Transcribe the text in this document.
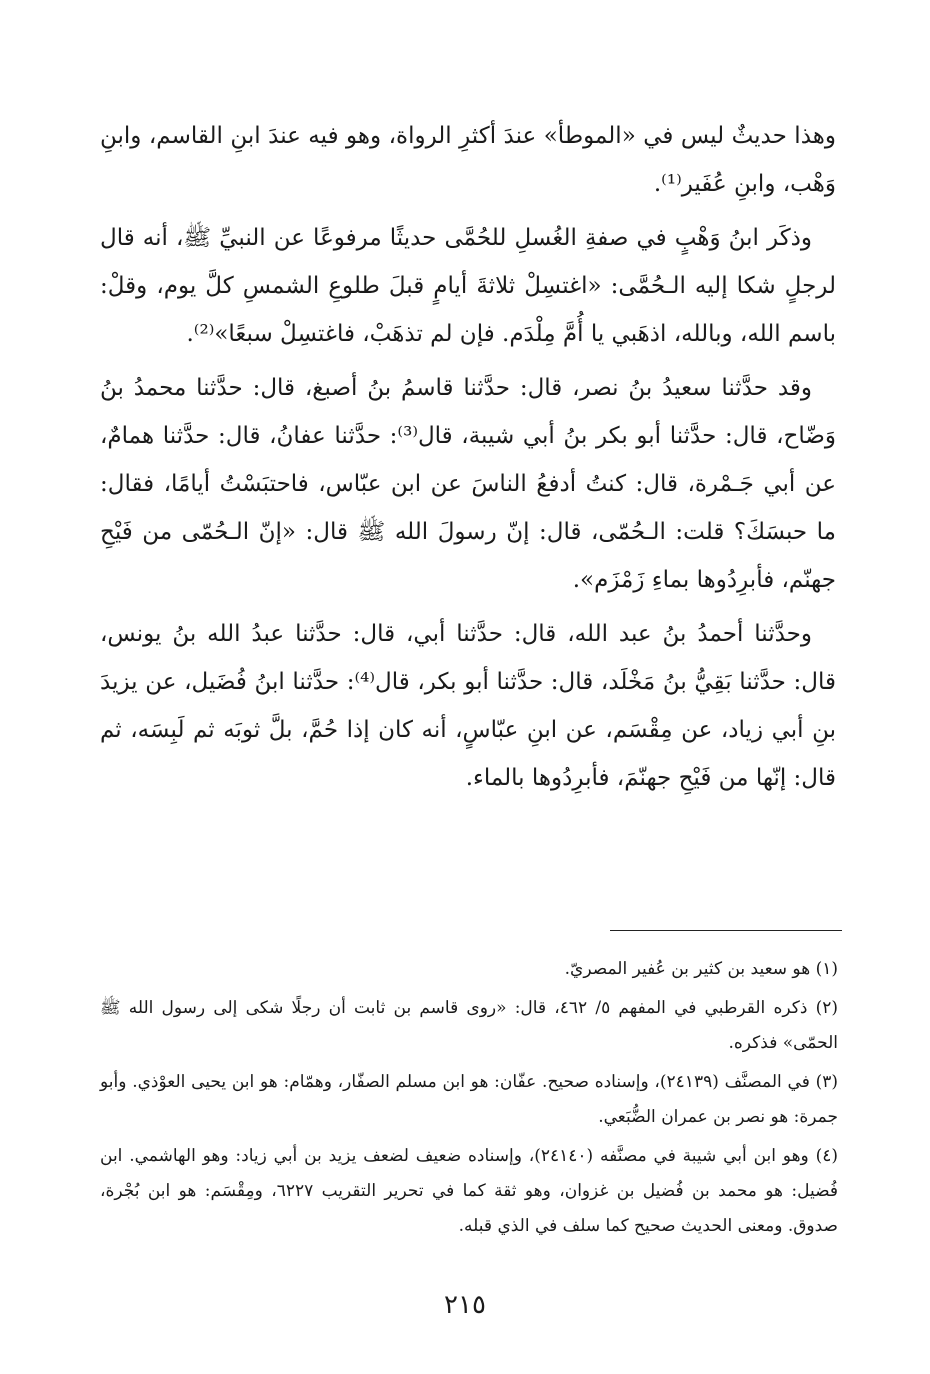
وهذا حديثٌ ليس في «الموطأ» عندَ أكثرِ الرواة، وهو فيه عندَ ابنِ القاسم، وابنِ وَهْب، وابنِ عُفَير⁽¹⁾.

وذكَر ابنُ وَهْبٍ في صفةِ الغُسلِ للحُمَّى حديثًا مرفوعًا عن النبيِّ ﷺ، أنه قال لرجلٍ شكا إليه الـحُمَّى: «اغتسِلْ ثلاثةَ أيامٍ قبلَ طلوعِ الشمسِ كلَّ يوم، وقلْ: باسم الله، وبالله، اذهَبي يا أُمَّ مِلْدَم. فإن لم تذهَبْ، فاغتسِلْ سبعًا»⁽²⁾.

وقد حدَّثنا سعيدُ بنُ نصر، قال: حدَّثنا قاسمُ بنُ أصبغ، قال: حدَّثنا محمدُ بنُ وَضّاح، قال: حدَّثنا أبو بكر بنُ أبي شيبة، قال⁽³⁾: حدَّثنا عفانُ، قال: حدَّثنا همامٌ، عن أبي جَـمْرة، قال: كنتُ أدفعُ الناسَ عن ابن عبّاس، فاحتبَسْتُ أيامًا، فقال: ما حبسَكَ؟ قلت: الـحُمّى، قال: إنّ رسولَ الله ﷺ قال: «إنّ الـحُمّى من فَيْحِ جهنّم، فأبرِدُوها بماءِ زَمْزَم».

وحدَّثنا أحمدُ بنُ عبد الله، قال: حدَّثنا أبي، قال: حدَّثنا عبدُ الله بنُ يونس، قال: حدَّثنا بَقِيُّ بنُ مَخْلَد، قال: حدَّثنا أبو بكر، قال⁽⁴⁾: حدَّثنا ابنُ فُضَيل، عن يزيدَ بنِ أبي زياد، عن مِقْسَم، عن ابنِ عبّاسٍ، أنه كان إذا حُمَّ، بلَّ ثوبَه ثم لَبِسَه، ثم قال: إنّها من فَيْحِ جهنّمَ، فأبرِدُوها بالماء.

(١) هو سعيد بن كثير بن عُفير المصريّ.
(٢) ذكره القرطبي في المفهم ٥/ ٤٦٢، قال: «روى قاسم بن ثابت أن رجلًا شكى إلى رسول الله ﷺ الحمّى» فذكره.
(٣) في المصنَّف (٢٤١٣٩)، وإسناده صحيح. عفّان: هو ابن مسلم الصفّار، وهمّام: هو ابن يحيى العوْذي. وأبو جمرة: هو نصر بن عمران الضُّبَعي.
(٤) وهو ابن أبي شيبة في مصنَّفه (٢٤١٤٠)، وإسناده ضعيف لضعف يزيد بن أبي زياد: وهو الهاشمي. ابن فُضيل: هو محمد بن فُضيل بن غزوان، وهو ثقة كما في تحرير التقريب ٦٢٢٧، ومِقْسَم: هو ابن بُجْرة، صدوق. ومعنى الحديث صحيح كما سلف في الذي قبله.
٢١٥
